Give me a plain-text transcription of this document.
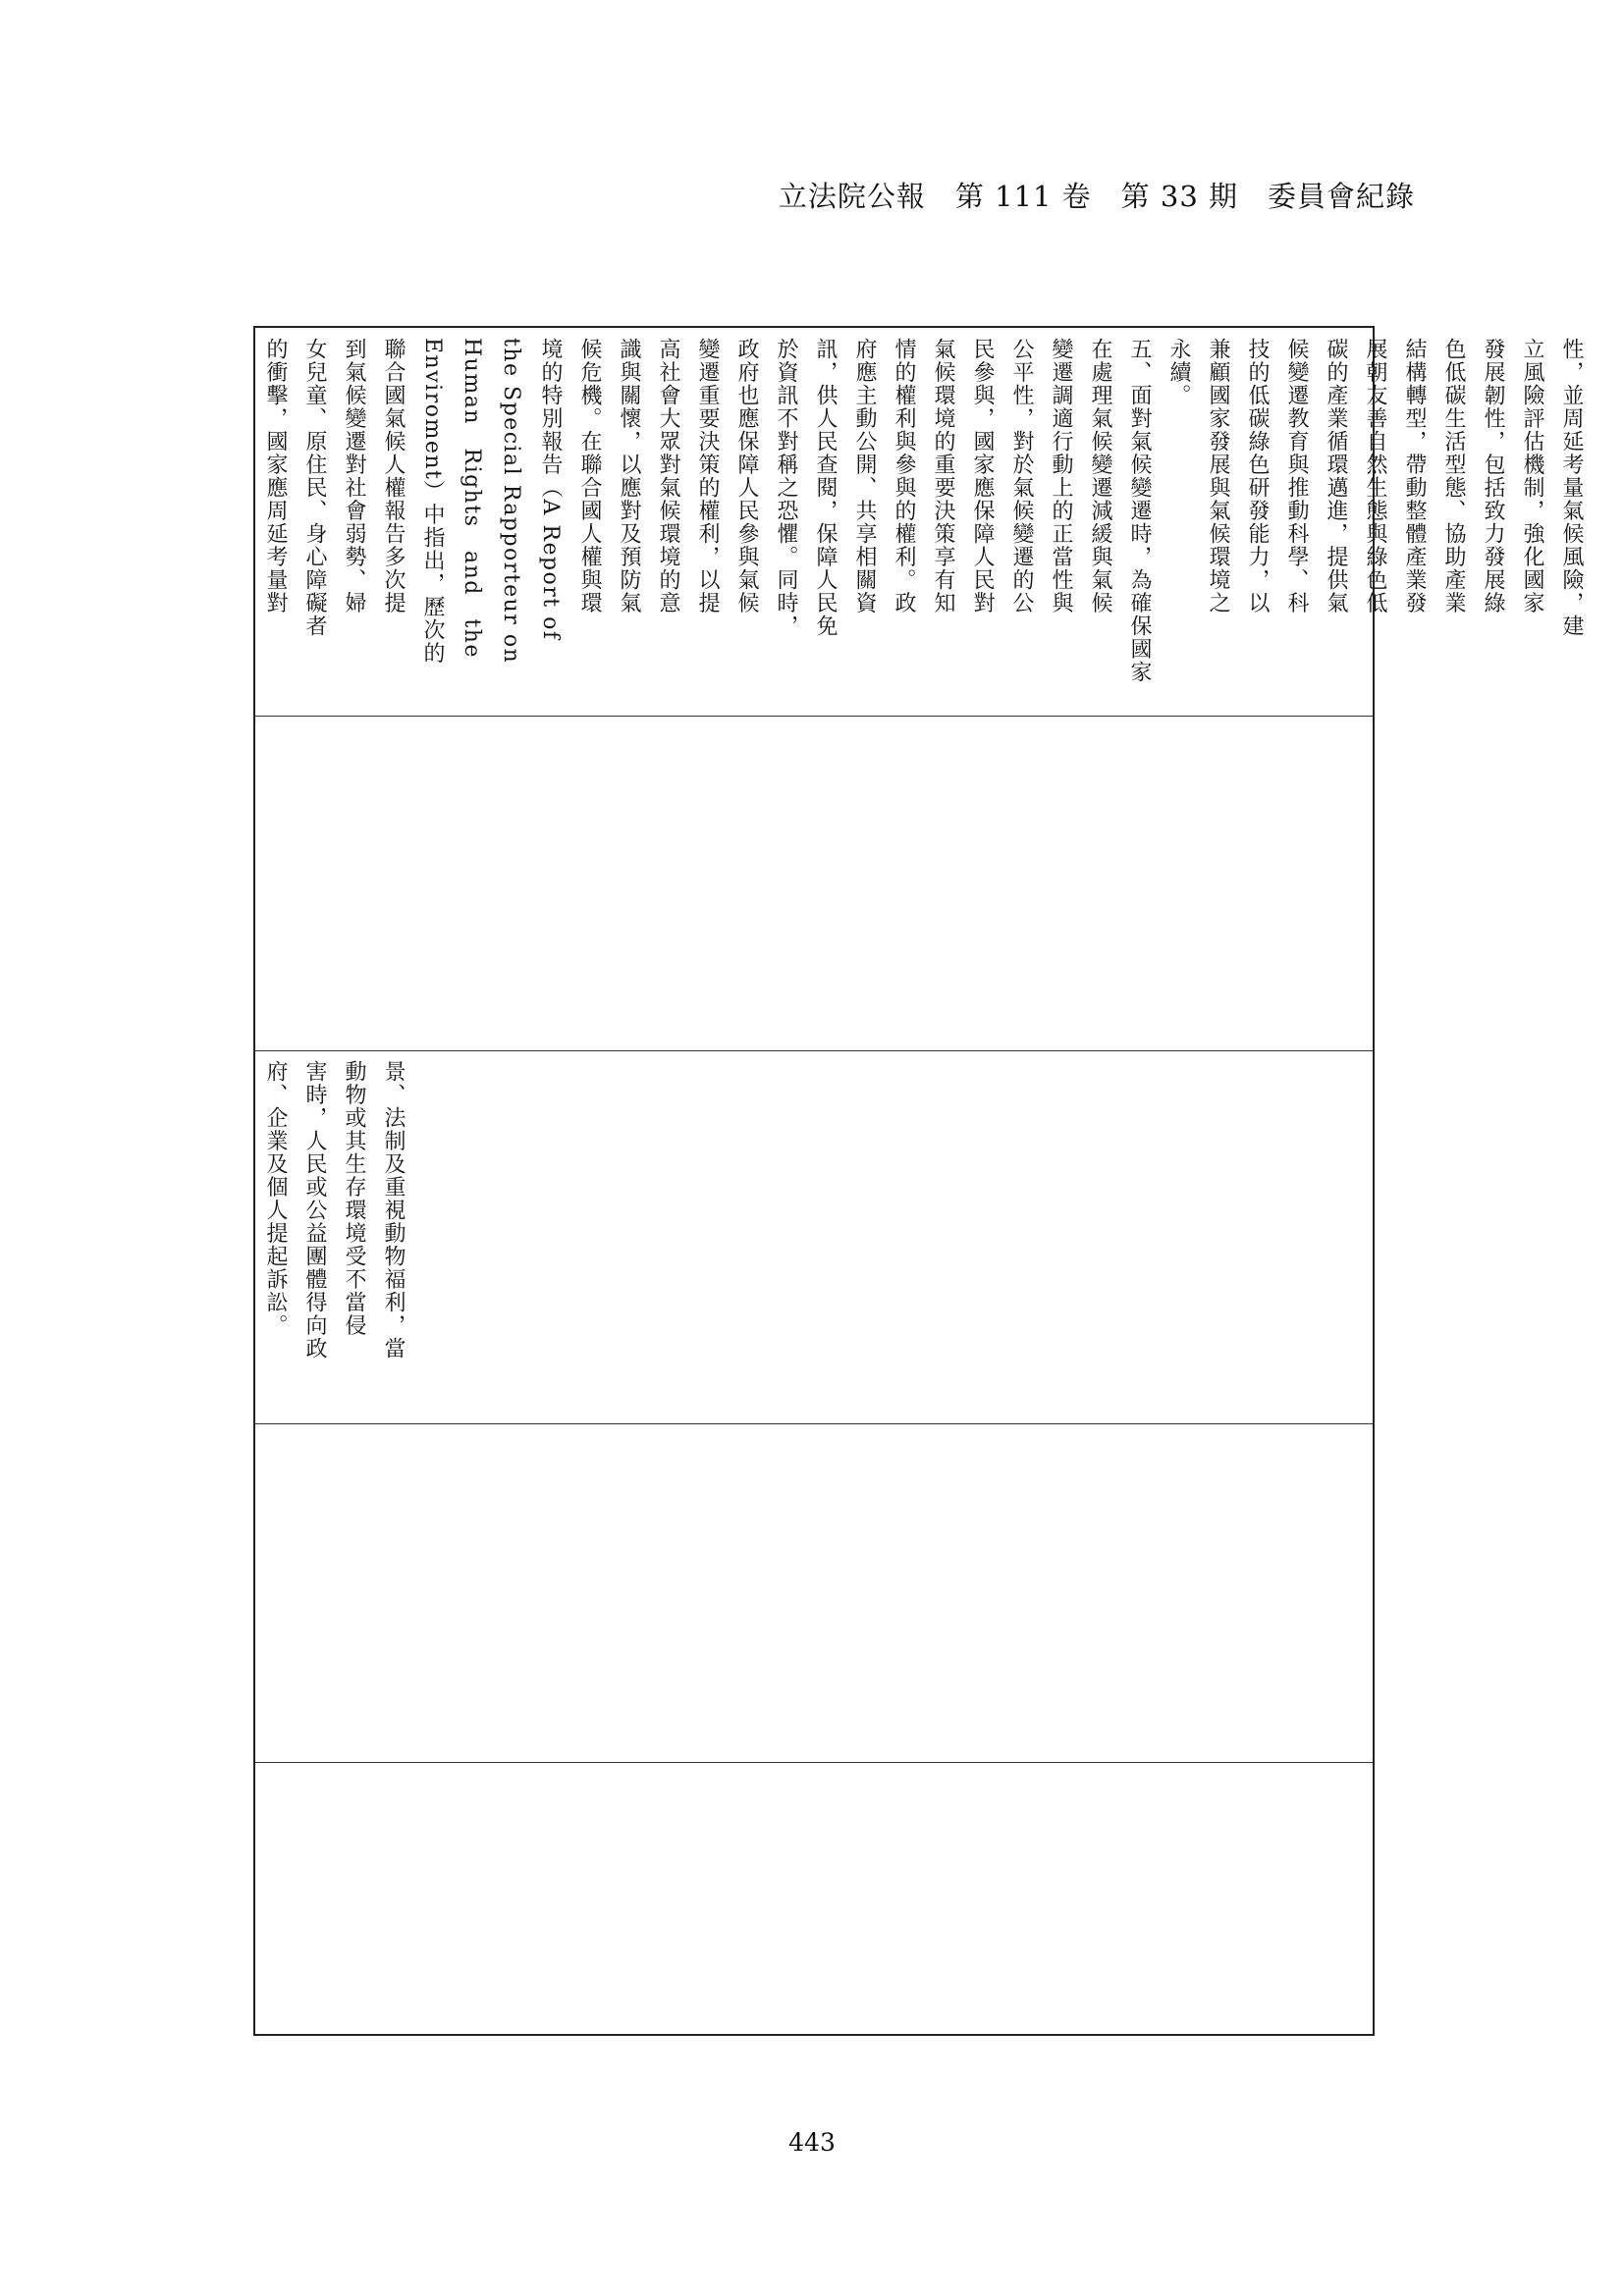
立法院公報　第 111 卷　第 33 期　委員會紀錄
性，並周延考量氣候風險，建
立風險評估機制，強化國家
發展韌性，包括致力發展綠
色低碳生活型態、協助產業
結構轉型，帶動整體產業發
展朝友善自然生態與綠色低
碳的產業循環邁進，提供氣
候變遷教育與推動科學、科
技的低碳綠色研發能力，以
兼顧國家發展與氣候環境之
永續。
五、面對氣候變遷時，為確保國家
在處理氣候變遷減緩與氣候
變遷調適行動上的正當性與
公平性，對於氣候變遷的公
民參與，國家應保障人民對
氣候環境的重要決策享有知
情的權利與參與的權利。政
府應主動公開、共享相關資
訊，供人民查閱，保障人民免
於資訊不對稱之恐懼。同時，
政府也應保障人民參與氣候
變遷重要決策的權利，以提
高社會大眾對氣候環境的意
識與關懷，以應對及預防氣
候危機。在聯合國人權與環
境的特別報告（A Report of
the Special Rapporteur on
Human　Rights　and　the
Enviroment）中指出，歷次的
聯合國氣候人權報告多次提
到氣候變遷對社會弱勢、婦
女兒童、原住民、身心障礙者
的衝擊，國家應周延考量對
景、法制及重視動物福利，當
動物或其生存環境受不當侵
害時，人民或公益團體得向政
府、企業及個人提起訴訟。
443
